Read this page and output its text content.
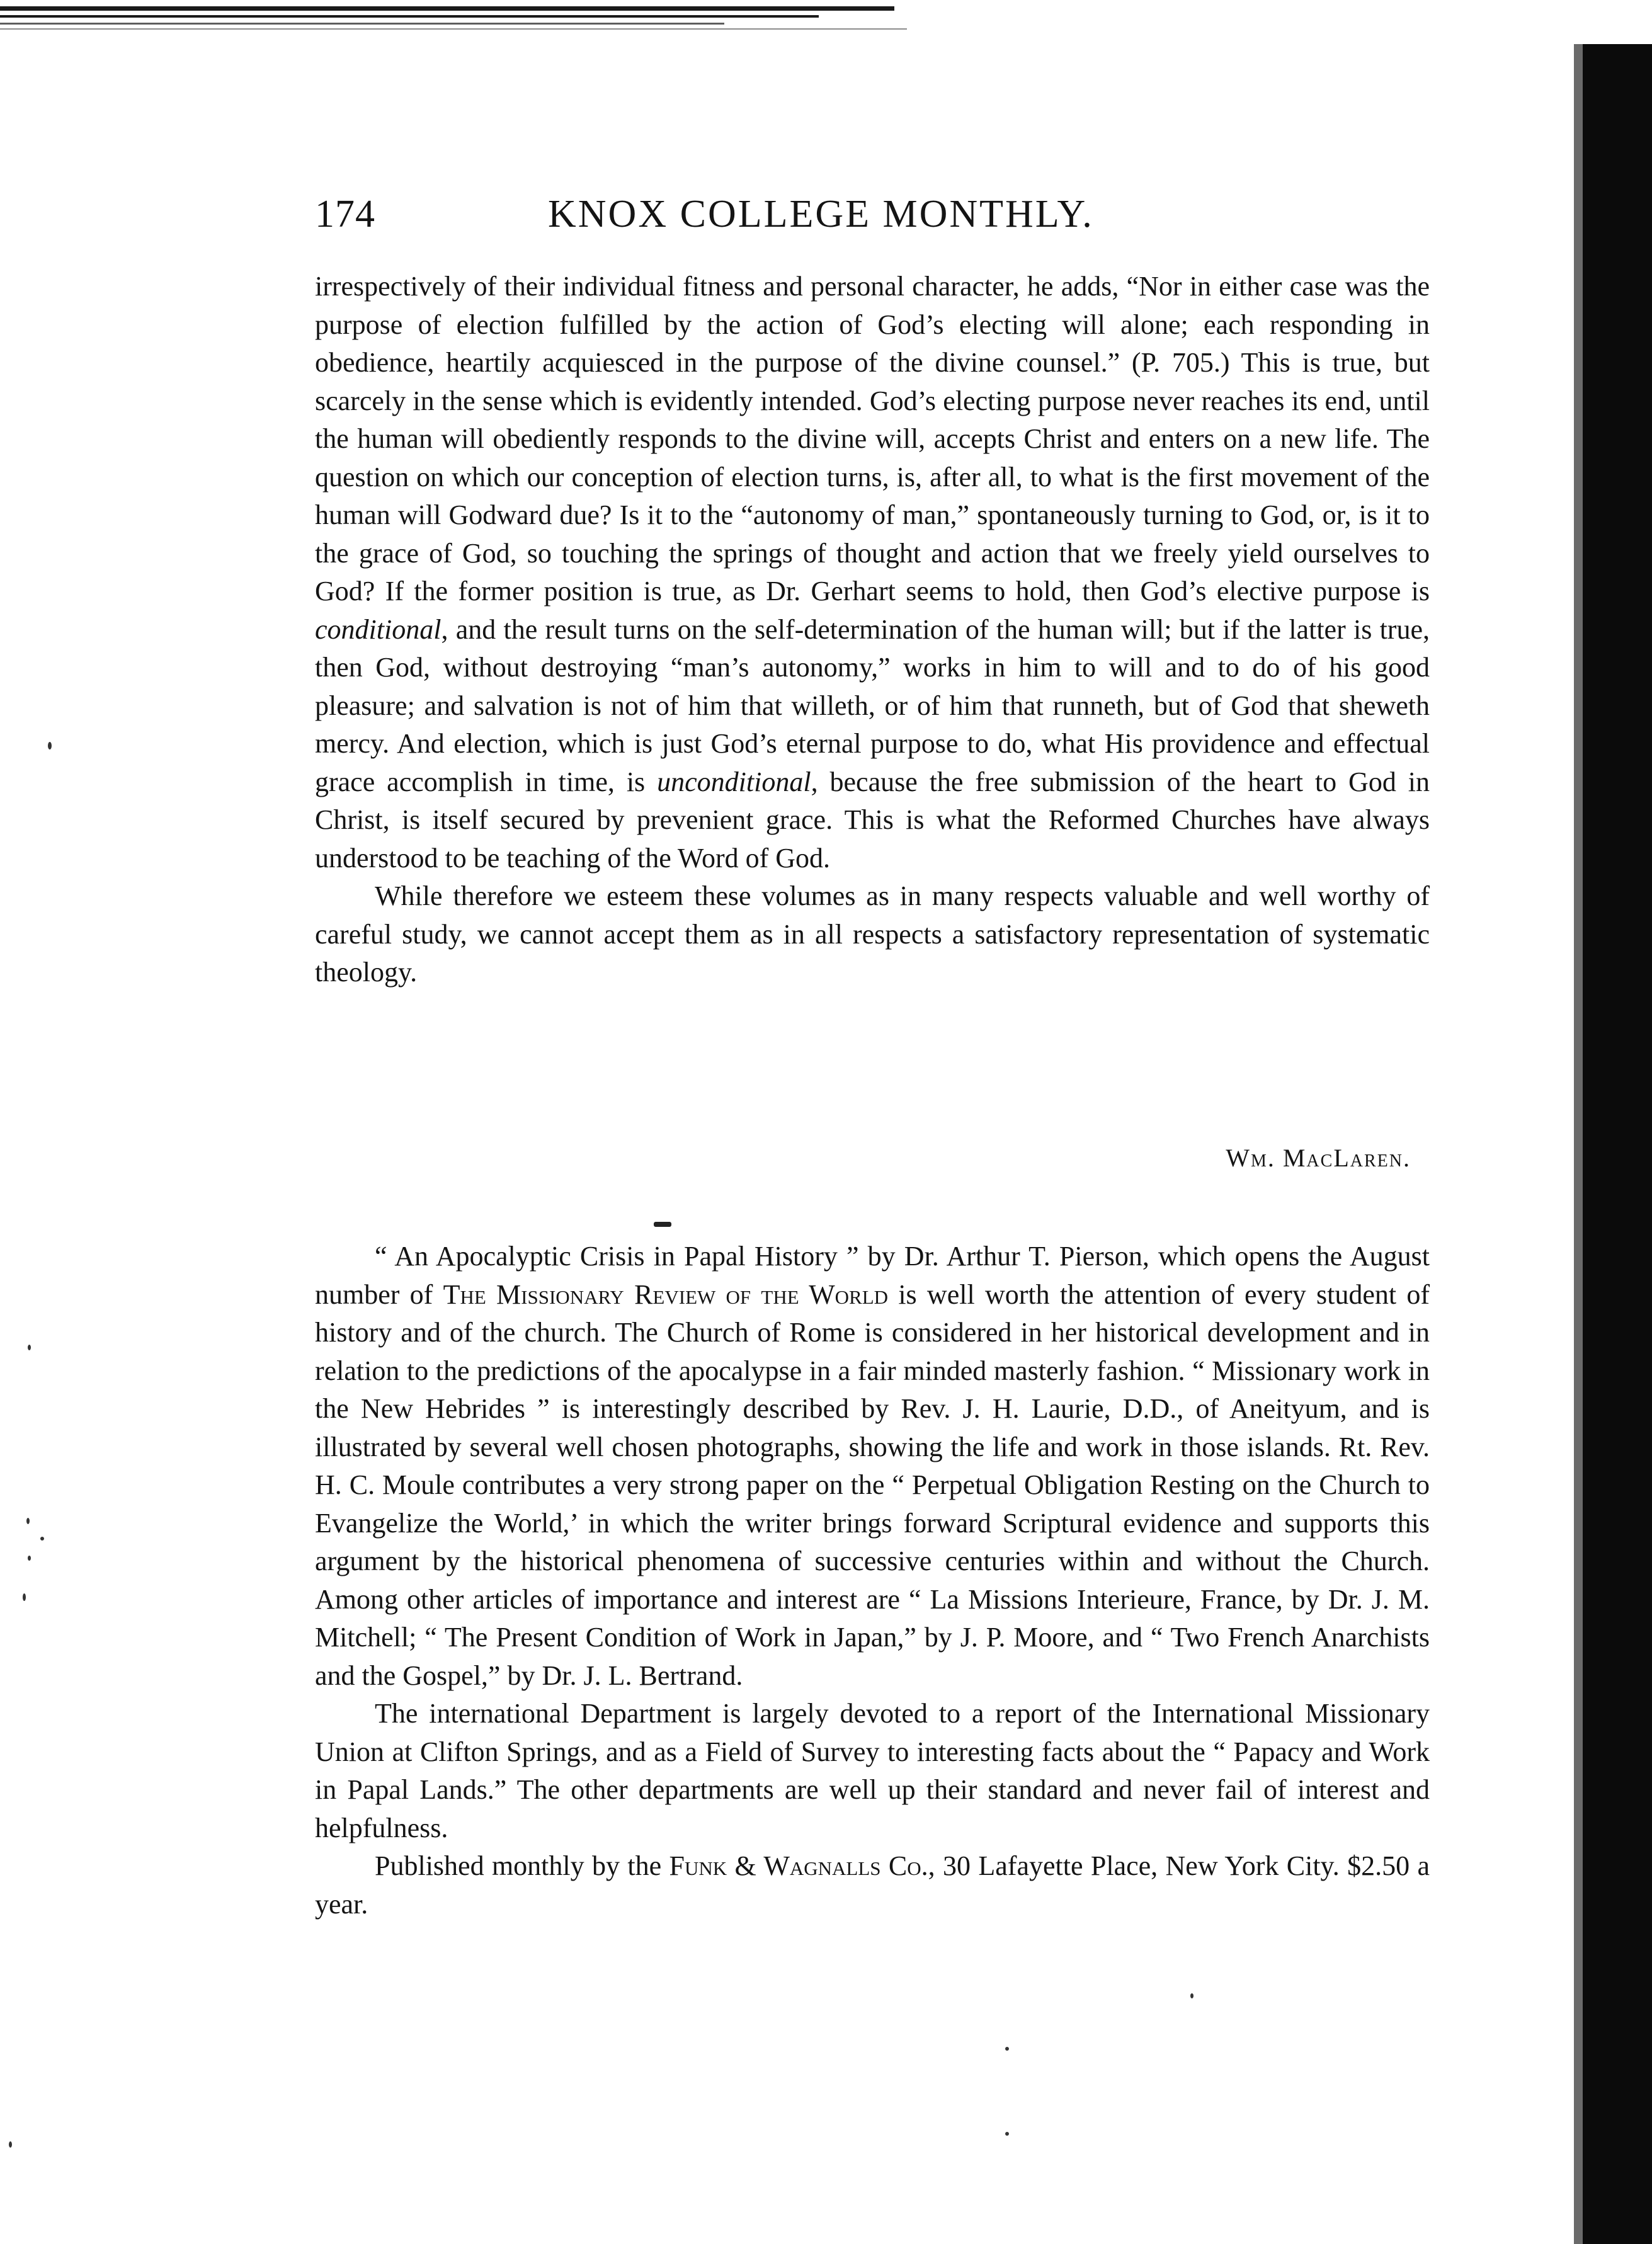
174	KNOX COLLEGE MONTHLY.

irrespectively of their individual fitness and personal character, he adds, “Nor in either case was the purpose of election fulfilled by the action of God’s electing will alone; each responding in obedience, heartily acquiesced in the purpose of the divine counsel.” (P. 705.) This is true, but scarcely in the sense which is evidently intended. God’s electing purpose never reaches its end, until the human will obediently responds to the divine will, accepts Christ and enters on a new life. The question on which our conception of election turns, is, after all, to what is the first movement of the human will Godward due? Is it to the “autonomy of man,” spontaneously turning to God, or, is it to the grace of God, so touching the springs of thought and action that we freely yield ourselves to God? If the former position is true, as Dr. Gerhart seems to hold, then God’s elective purpose is conditional, and the result turns on the self-determination of the human will; but if the latter is true, then God, without destroying “man’s autonomy,” works in him to will and to do of his good pleasure; and salvation is not of him that willeth, or of him that runneth, but of God that sheweth mercy. And election, which is just God’s eternal purpose to do, what His providence and effectual grace accomplish in time, is unconditional, because the free submission of the heart to God in Christ, is itself secured by prevenient grace. This is what the Reformed Churches have always understood to be teaching of the Word of God.

While therefore we esteem these volumes as in many respects valuable and well worthy of careful study, we cannot accept them as in all respects a satisfactory representation of systematic theology.

Wm. MacLaren.

“ An Apocalyptic Crisis in Papal History ” by Dr. Arthur T. Pierson, which opens the August number of The Missionary Review of the World is well worth the attention of every student of history and of the church. The Church of Rome is considered in her historical development and in relation to the predictions of the apocalypse in a fair minded masterly fashion. “ Missionary work in the New Hebrides ” is interestingly described by Rev. J. H. Laurie, D.D., of Aneityum, and is illustrated by several well chosen photographs, showing the life and work in those islands. Rt. Rev. H. C. Moule contributes a very strong paper on the “ Perpetual Obligation Resting on the Church to Evangelize the World,’ in which the writer brings forward Scriptural evidence and supports this argument by the historical phenomena of successive centuries within and without the Church. Among other articles of importance and interest are “ La Missions Interieure, France, by Dr. J. M. Mitchell; “ The Present Condition of Work in Japan,” by J. P. Moore, and “ Two French Anarchists and the Gospel,” by Dr. J. L. Bertrand.

The international Department is largely devoted to a report of the International Missionary Union at Clifton Springs, and as a Field of Survey to interesting facts about the “ Papacy and Work in Papal Lands.” The other departments are well up their standard and never fail of interest and helpfulness.

Published monthly by the Funk & Wagnalls Co., 30 Lafayette Place, New York City. $2.50 a year.
